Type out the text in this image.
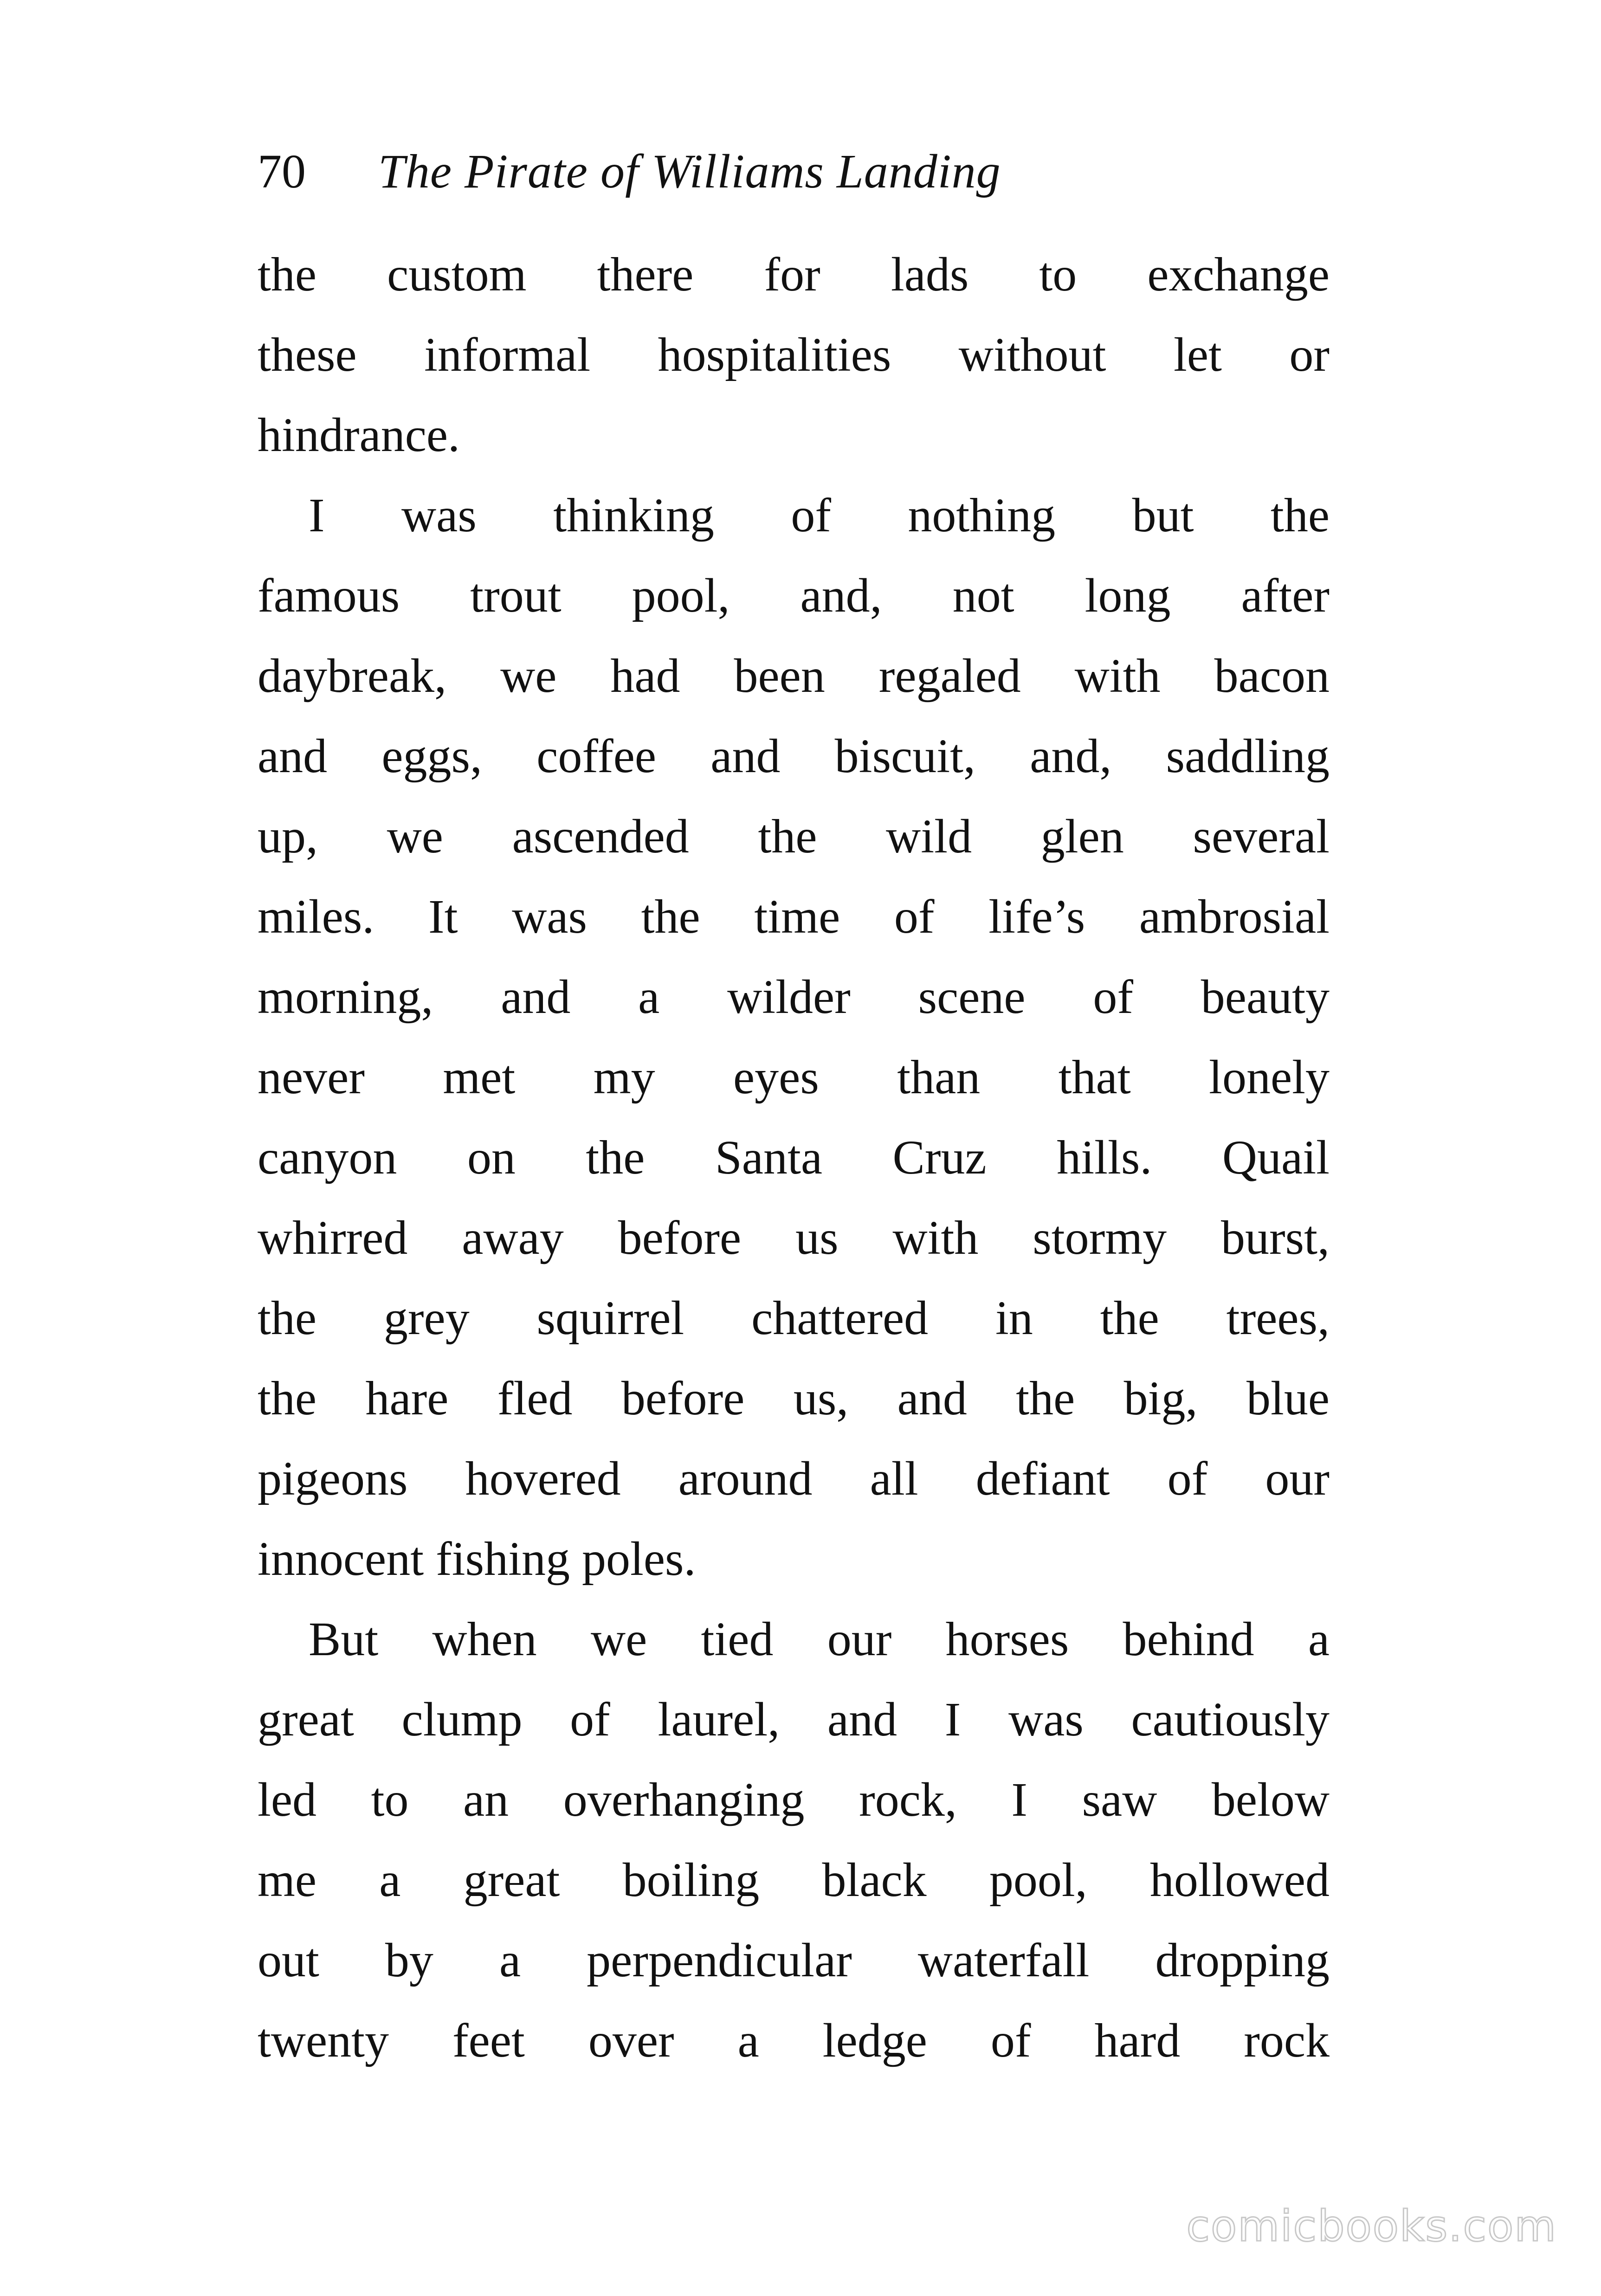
70 The Pirate of Williams Landing
the custom there for lads to exchange
these informal hospitalities without let or
hindrance.
I was thinking of nothing but the
famous trout pool, and, not long after
daybreak, we had been regaled with bacon
and eggs, coffee and biscuit, and, saddling
up, we ascended the wild glen several
miles. It was the time of life’s ambrosial
morning, and a wilder scene of beauty
never met my eyes than that lonely
canyon on the Santa Cruz hills. Quail
whirred away before us with stormy burst,
the grey squirrel chattered in the trees,
the hare fled before us, and the big, blue
pigeons hovered around all defiant of our
innocent fishing poles.
But when we tied our horses behind a
great clump of laurel, and I was cautiously
led to an overhanging rock, I saw below
me a great boiling black pool, hollowed
out by a perpendicular waterfall dropping
twenty feet over a ledge of hard rock
comicbooks.com
